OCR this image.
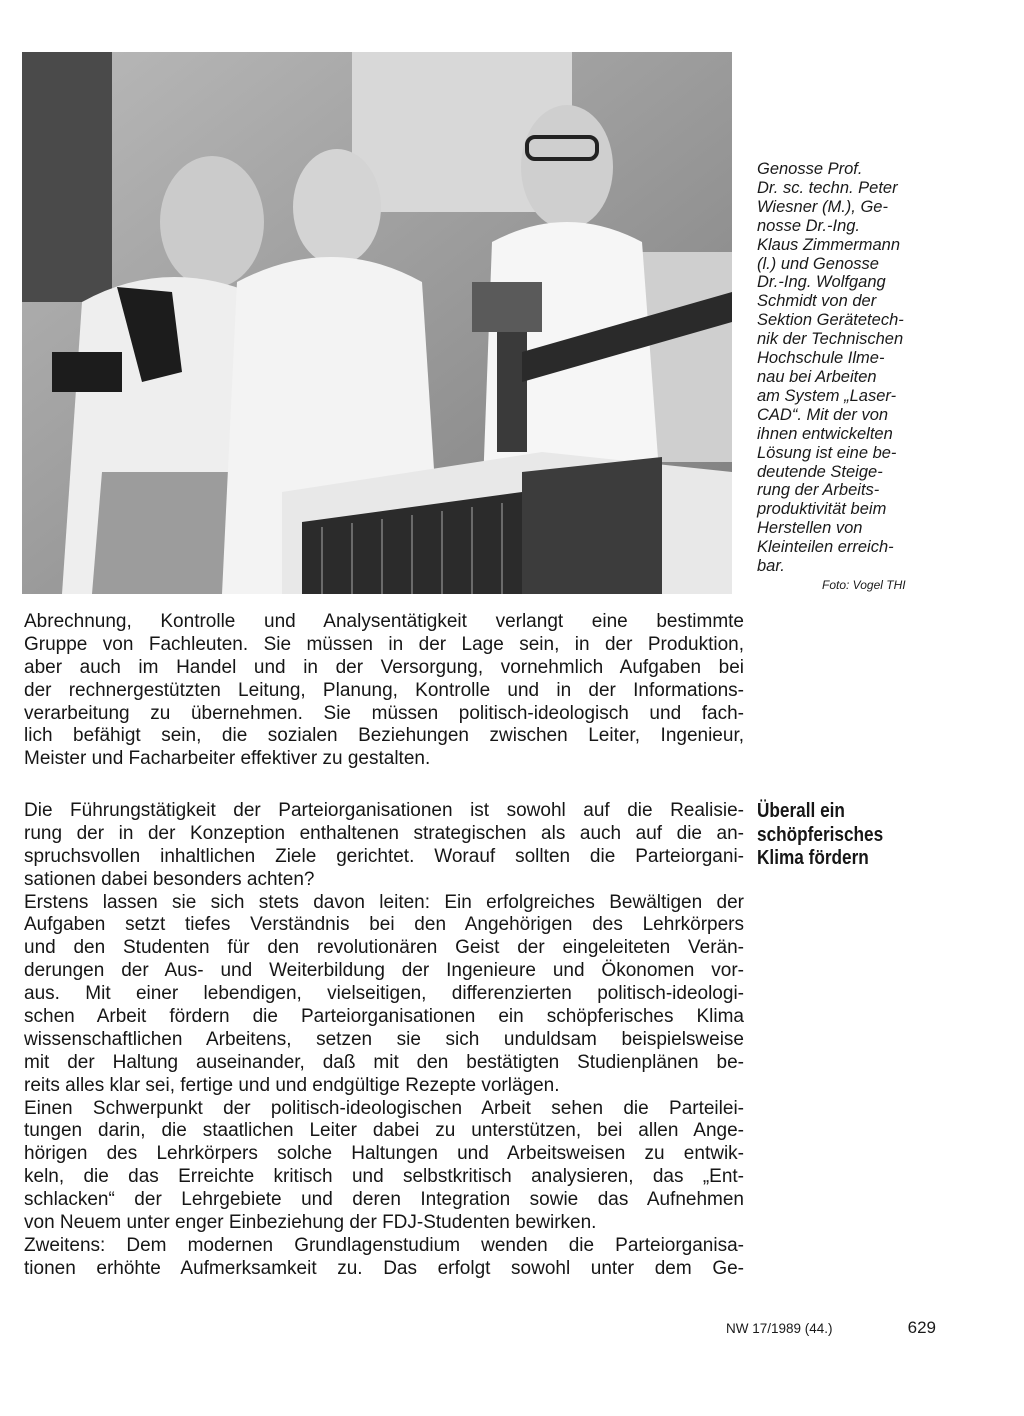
Genosse Prof.
Dr. sc. techn. Peter
Wiesner (M.), Ge-
nosse Dr.-Ing.
Klaus Zimmermann
(l.) und Genosse
Dr.-Ing. Wolfgang
Schmidt von der
Sektion Gerätetech-
nik der Technischen
Hochschule Ilme-
nau bei Arbeiten
am System „Laser-
CAD“. Mit der von
ihnen entwickelten
Lösung ist eine be-
deutende Steige-
rung der Arbeits-
produktivität beim
Herstellen von
Kleinteilen erreich-
bar.
Foto: Vogel THI
Abrechnung, Kontrolle und Analysentätigkeit verlangt eine bestimmte
Gruppe von Fachleuten. Sie müssen in der Lage sein, in der Produktion,
aber auch im Handel und in der Versorgung, vornehmlich Aufgaben bei
der rechnergestützten Leitung, Planung, Kontrolle und in der Informations-
verarbeitung zu übernehmen. Sie müssen politisch-ideologisch und fach-
lich befähigt sein, die sozialen Beziehungen zwischen Leiter, Ingenieur,
Meister und Facharbeiter effektiver zu gestalten.
Die Führungstätigkeit der Parteiorganisationen ist sowohl auf die Realisie-
rung der in der Konzeption enthaltenen strategischen als auch auf die an-
spruchsvollen inhaltlichen Ziele gerichtet. Worauf sollten die Parteiorgani-
sationen dabei besonders achten?
Erstens lassen sie sich stets davon leiten: Ein erfolgreiches Bewältigen der
Aufgaben setzt tiefes Verständnis bei den Angehörigen des Lehrkörpers
und den Studenten für den revolutionären Geist der eingeleiteten Verän-
derungen der Aus- und Weiterbildung der Ingenieure und Ökonomen vor-
aus. Mit einer lebendigen, vielseitigen, differenzierten politisch-ideologi-
schen Arbeit fördern die Parteiorganisationen ein schöpferisches Klima
wissenschaftlichen Arbeitens, setzen sie sich unduldsam beispielsweise
mit der Haltung auseinander, daß mit den bestätigten Studienplänen be-
reits alles klar sei, fertige und und endgültige Rezepte vorlägen.
Einen Schwerpunkt der politisch-ideologischen Arbeit sehen die Parteilei-
tungen darin, die staatlichen Leiter dabei zu unterstützen, bei allen Ange-
hörigen des Lehrkörpers solche Haltungen und Arbeitsweisen zu entwik-
keln, die das Erreichte kritisch und selbstkritisch analysieren, das „Ent-
schlacken“ der Lehrgebiete und deren Integration sowie das Aufnehmen
von Neuem unter enger Einbeziehung der FDJ-Studenten bewirken.
Zweitens: Dem modernen Grundlagenstudium wenden die Parteiorganisa-
tionen erhöhte Aufmerksamkeit zu. Das erfolgt sowohl unter dem Ge-
Überall ein
schöpferisches
Klima fördern
NW 17/1989 (44.)	629
